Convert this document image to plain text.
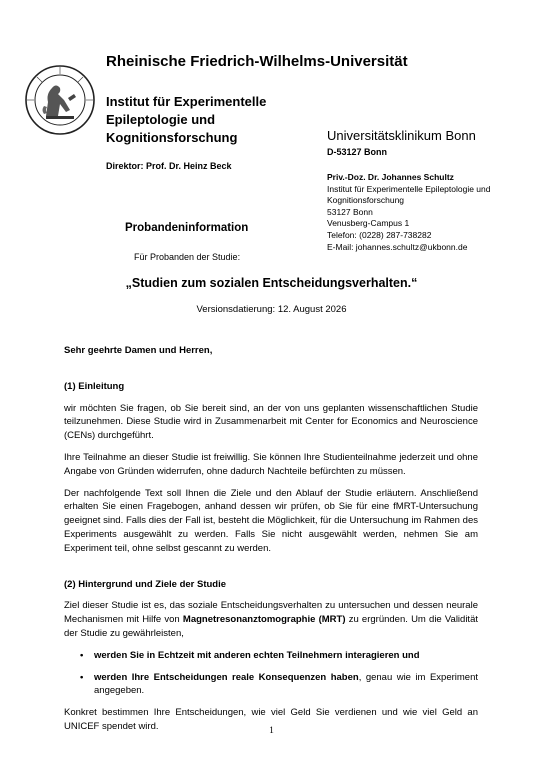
Rheinische Friedrich-Wilhelms-Universität
Institut für Experimentelle
Epileptologie und
Kognitionsforschung	Universitätsklinikum Bonn
D-53127 Bonn
Direktor: Prof. Dr. Heinz Beck
Priv.-Doz. Dr. Johannes Schultz
Institut für Experimentelle Epileptologie und
Kognitionsforschung
53127 Bonn
Venusberg-Campus 1
Telefon: (0228) 287-738282
E-Mail: johannes.schultz@ukbonn.de
Probandeninformation
Für Probanden der Studie:
„Studien zum sozialen Entscheidungsverhalten.“
Versionsdatierung: 12. August 2026

Sehr geehrte Damen und Herren,

(1) Einleitung

wir möchten Sie fragen, ob Sie bereit sind, an der von uns geplanten wissenschaftlichen Studie teilzunehmen. Diese Studie wird in Zusammenarbeit mit Center for Economics and Neuroscience (CENs) durchgeführt.

Ihre Teilnahme an dieser Studie ist freiwillig. Sie können Ihre Studienteilnahme jederzeit und ohne Angabe von Gründen widerrufen, ohne dadurch Nachteile befürchten zu müssen.

Der nachfolgende Text soll Ihnen die Ziele und den Ablauf der Studie erläutern. Anschließend erhalten Sie einen Fragebogen, anhand dessen wir prüfen, ob Sie für eine fMRT-Untersuchung geeignet sind. Falls dies der Fall ist, besteht die Möglichkeit, für die Untersuchung im Rahmen des Experiments ausgewählt zu werden. Falls Sie nicht ausgewählt werden, nehmen Sie am Experiment teil, ohne selbst gescannt zu werden.

(2) Hintergrund und Ziele der Studie

Ziel dieser Studie ist es, das soziale Entscheidungsverhalten zu untersuchen und dessen neurale Mechanismen mit Hilfe von Magnetresonanztomographie (MRT) zu ergründen. Um die Validität der Studie zu gewährleisten,

•	werden Sie in Echtzeit mit anderen echten Teilnehmern interagieren und
•	werden Ihre Entscheidungen reale Konsequenzen haben, genau wie im Experiment angegeben.

Konkret bestimmen Ihre Entscheidungen, wie viel Geld Sie verdienen und wie viel Geld an UNICEF spendet wird.	1
